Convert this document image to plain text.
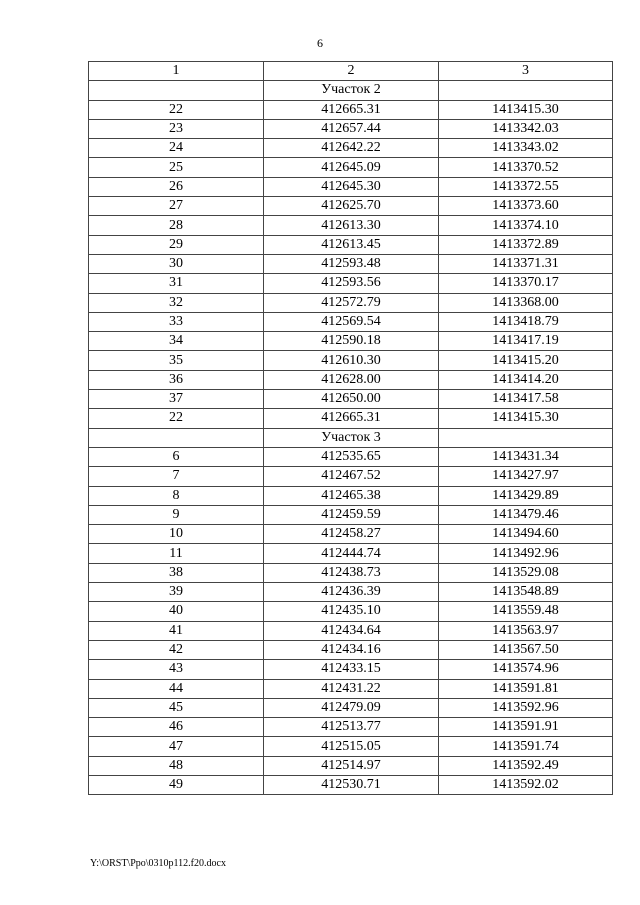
6
1	2	3
	Участок 2	
22	412665.31	1413415.30
23	412657.44	1413342.03
24	412642.22	1413343.02
25	412645.09	1413370.52
26	412645.30	1413372.55
27	412625.70	1413373.60
28	412613.30	1413374.10
29	412613.45	1413372.89
30	412593.48	1413371.31
31	412593.56	1413370.17
32	412572.79	1413368.00
33	412569.54	1413418.79
34	412590.18	1413417.19
35	412610.30	1413415.20
36	412628.00	1413414.20
37	412650.00	1413417.58
22	412665.31	1413415.30
	Участок 3	
6	412535.65	1413431.34
7	412467.52	1413427.97
8	412465.38	1413429.89
9	412459.59	1413479.46
10	412458.27	1413494.60
11	412444.74	1413492.96
38	412438.73	1413529.08
39	412436.39	1413548.89
40	412435.10	1413559.48
41	412434.64	1413563.97
42	412434.16	1413567.50
43	412433.15	1413574.96
44	412431.22	1413591.81
45	412479.09	1413592.96
46	412513.77	1413591.91
47	412515.05	1413591.74
48	412514.97	1413592.49
49	412530.71	1413592.02
Y:\ORST\Ppo\0310p112.f20.docx
